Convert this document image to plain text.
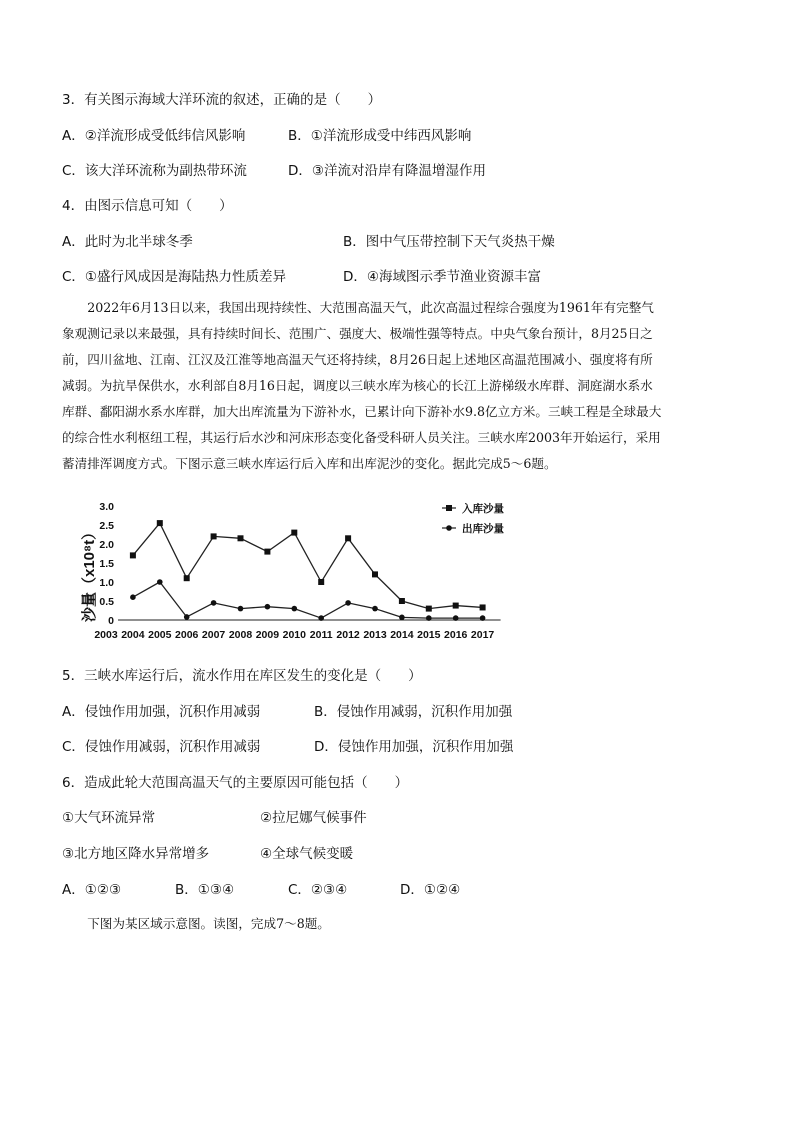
3．有关图示海域大洋环流的叙述，正确的是（　　）
A．②洋流形成受低纬信风影响	B．①洋流形成受中纬西风影响
C．该大洋环流称为副热带环流	D．③洋流对沿岸有降温增湿作用
4．由图示信息可知（　　）
A．此时为北半球冬季	B．图中气压带控制下天气炎热干燥
C．①盛行风成因是海陆热力性质差异	D．④海域图示季节渔业资源丰富
　　2022年6月13日以来，我国出现持续性、大范围高温天气，此次高温过程综合强度为1961年有完整气
象观测记录以来最强，具有持续时间长、范围广、强度大、极端性强等特点。中央气象台预计，8月25日之
前，四川盆地、江南、江汉及江淮等地高温天气还将持续，8月26日起上述地区高温范围减小、强度将有所
减弱。为抗旱保供水，水利部自8月16日起，调度以三峡水库为核心的长江上游梯级水库群、洞庭湖水系水
库群、鄱阳湖水系水库群，加大出库流量为下游补水，已累计向下游补水9.8亿立方米。三峡工程是全球最大
的综合性水利枢纽工程，其运行后水沙和河床形态变化备受科研人员关注。三峡水库2003年开始运行，采用
蓄清排浑调度方式。下图示意三峡水库运行后入库和出库泥沙的变化。据此完成5～6题。
0
0.5
1.0
1.5
2.0
2.5
3.0
2003 2004 2005 2006 2007 2008 2009 2010 2011 2012 2013 2014 2015 2016 2017
入库沙量
出库沙量
沙量（x10⁸t）
5．三峡水库运行后，流水作用在库区发生的变化是（　　）
A．侵蚀作用加强，沉积作用减弱	B．侵蚀作用减弱，沉积作用加强
C．侵蚀作用减弱，沉积作用减弱	D．侵蚀作用加强，沉积作用加强
6．造成此轮大范围高温天气的主要原因可能包括（　　）
①大气环流异常	②拉尼娜气候事件
③北方地区降水异常增多	④全球气候变暖
A．①②③	B．①③④	C．②③④	D．①②④
　　下图为某区域示意图。读图，完成7～8题。
